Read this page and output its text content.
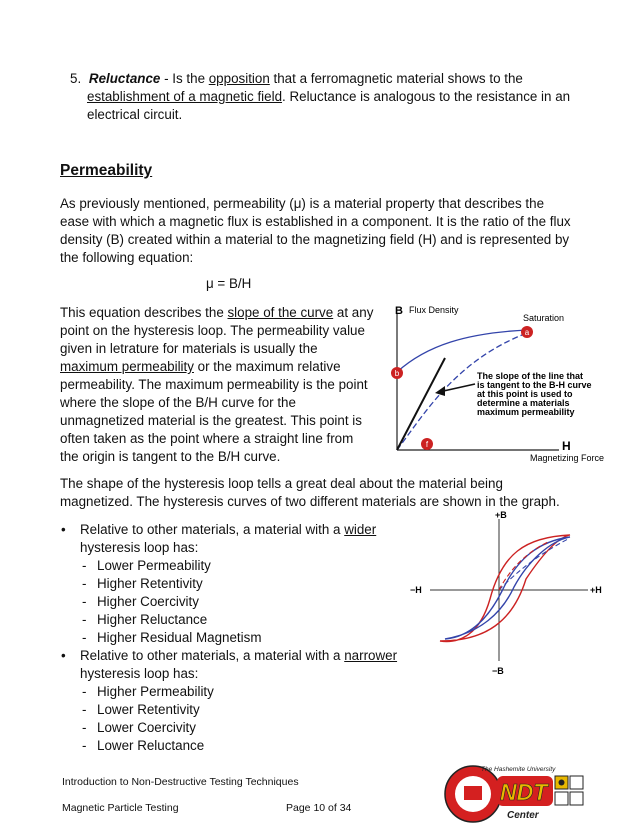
5. Reluctance - Is the opposition that a ferromagnetic material shows to the
establishment of a magnetic field. Reluctance is analogous to the resistance in an
electrical circuit.
Permeability
As previously mentioned, permeability (μ) is a material property that describes the
ease with which a magnetic flux is established in a component. It is the ratio of the flux
density (B) created within a material to the magnetizing field (H) and is represented by
the following equation:
μ = B/H
This equation describes the slope of the curve at any
point on the hysteresis loop. The permeability value
given in letrature for materials is usually the
maximum permeability or the maximum relative
permeability. The maximum permeability is the point
where the slope of the B/H curve for the
unmagnetized material is the greatest. This point is
often taken as the point where a straight line from
the origin is tangent to the B/H curve.
a
b
f
B Flux Density
Saturation
H
Magnetizing Force
The slope of the line that
is tangent to the B-H curve
at this point is used to
determine a materials
maximum permeability
The shape of the hysteresis loop tells a great deal about the material being
magnetized. The hysteresis curves of two different materials are shown in the graph.
• Relative to other materials, a material with a wider
hysteresis loop has:
- Lower Permeability
- Higher Retentivity
- Higher Coercivity
- Higher Reluctance
- Higher Residual Magnetism
• Relative to other materials, a material with a narrower
hysteresis loop has:
- Higher Permeability
- Lower Retentivity
- Lower Coercivity
- Lower Reluctance
+B
−B
−H	+H
Introduction to Non-Destructive Testing Techniques
Magnetic Particle Testing	Page 10 of 34
The Hashemite University
NDT
Center
